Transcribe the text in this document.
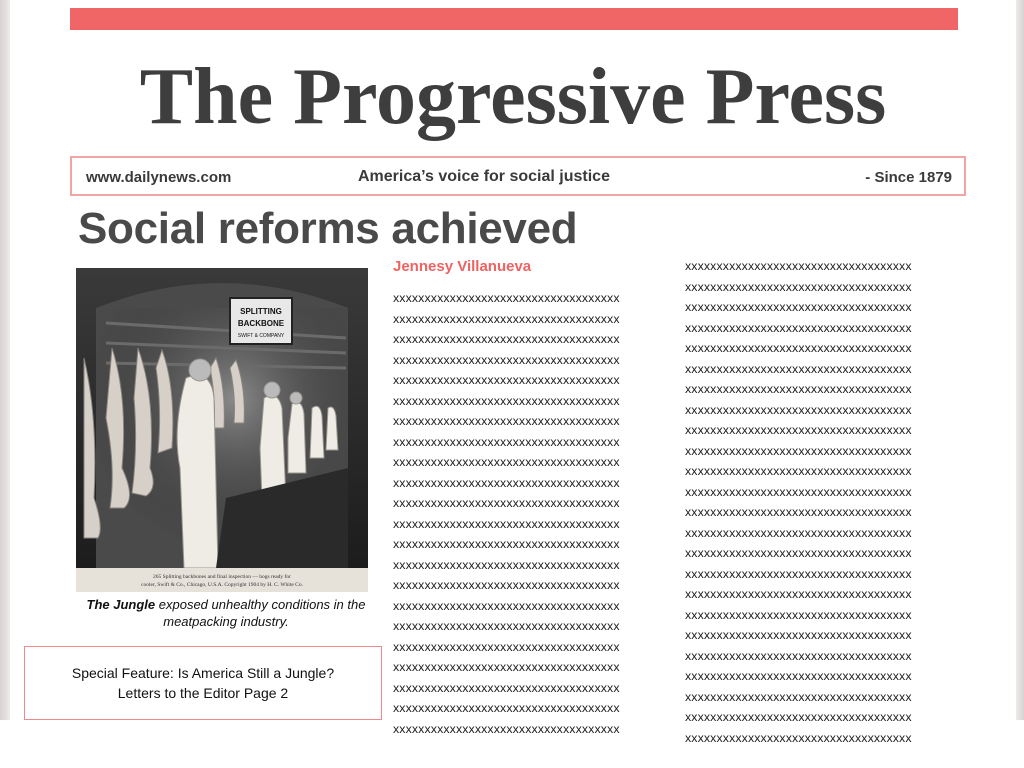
The Progressive Press
www.dailynews.com	America’s voice for social justice	- Since 1879
Social reforms achieved
SPLITTING
BACKBONE
SWIFT & COMPANY
265 Splitting backbones and final inspection — hogs ready for
cooler, Swift & Co., Chicago, U.S.A. Copyright 1904 by H. C. White Co.
The Jungle exposed unhealthy conditions in the meatpacking industry.
Special Feature: Is America Still a Jungle?
Letters to the Editor Page 2
Jennesy Villanueva
xxxxxxxxxxxxxxxxxxxxxxxxxxxxxxxxxxxx
xxxxxxxxxxxxxxxxxxxxxxxxxxxxxxxxxxxx
xxxxxxxxxxxxxxxxxxxxxxxxxxxxxxxxxxxx
xxxxxxxxxxxxxxxxxxxxxxxxxxxxxxxxxxxx
xxxxxxxxxxxxxxxxxxxxxxxxxxxxxxxxxxxx
xxxxxxxxxxxxxxxxxxxxxxxxxxxxxxxxxxxx
xxxxxxxxxxxxxxxxxxxxxxxxxxxxxxxxxxxx
xxxxxxxxxxxxxxxxxxxxxxxxxxxxxxxxxxxx
xxxxxxxxxxxxxxxxxxxxxxxxxxxxxxxxxxxx
xxxxxxxxxxxxxxxxxxxxxxxxxxxxxxxxxxxx
xxxxxxxxxxxxxxxxxxxxxxxxxxxxxxxxxxxx
xxxxxxxxxxxxxxxxxxxxxxxxxxxxxxxxxxxx
xxxxxxxxxxxxxxxxxxxxxxxxxxxxxxxxxxxx
xxxxxxxxxxxxxxxxxxxxxxxxxxxxxxxxxxxx
xxxxxxxxxxxxxxxxxxxxxxxxxxxxxxxxxxxx
xxxxxxxxxxxxxxxxxxxxxxxxxxxxxxxxxxxx
xxxxxxxxxxxxxxxxxxxxxxxxxxxxxxxxxxxx
xxxxxxxxxxxxxxxxxxxxxxxxxxxxxxxxxxxx
xxxxxxxxxxxxxxxxxxxxxxxxxxxxxxxxxxxx
xxxxxxxxxxxxxxxxxxxxxxxxxxxxxxxxxxxx
xxxxxxxxxxxxxxxxxxxxxxxxxxxxxxxxxxxx
xxxxxxxxxxxxxxxxxxxxxxxxxxxxxxxxxxxx
xxxxxxxxxxxxxxxxxxxxxxxxxxxxxxxxxxxx
xxxxxxxxxxxxxxxxxxxxxxxxxxxxxxxxxxxx
xxxxxxxxxxxxxxxxxxxxxxxxxxxxxxxxxxxx
xxxxxxxxxxxxxxxxxxxxxxxxxxxxxxxxxxxx
xxxxxxxxxxxxxxxxxxxxxxxxxxxxxxxxxxxx
xxxxxxxxxxxxxxxxxxxxxxxxxxxxxxxxxxxx
xxxxxxxxxxxxxxxxxxxxxxxxxxxxxxxxxxxx
xxxxxxxxxxxxxxxxxxxxxxxxxxxxxxxxxxxx
xxxxxxxxxxxxxxxxxxxxxxxxxxxxxxxxxxxx
xxxxxxxxxxxxxxxxxxxxxxxxxxxxxxxxxxxx
xxxxxxxxxxxxxxxxxxxxxxxxxxxxxxxxxxxx
xxxxxxxxxxxxxxxxxxxxxxxxxxxxxxxxxxxx
xxxxxxxxxxxxxxxxxxxxxxxxxxxxxxxxxxxx
xxxxxxxxxxxxxxxxxxxxxxxxxxxxxxxxxxxx
xxxxxxxxxxxxxxxxxxxxxxxxxxxxxxxxxxxx
xxxxxxxxxxxxxxxxxxxxxxxxxxxxxxxxxxxx
xxxxxxxxxxxxxxxxxxxxxxxxxxxxxxxxxxxx
xxxxxxxxxxxxxxxxxxxxxxxxxxxxxxxxxxxx
xxxxxxxxxxxxxxxxxxxxxxxxxxxxxxxxxxxx
xxxxxxxxxxxxxxxxxxxxxxxxxxxxxxxxxxxx
xxxxxxxxxxxxxxxxxxxxxxxxxxxxxxxxxxxx
xxxxxxxxxxxxxxxxxxxxxxxxxxxxxxxxxxxx
xxxxxxxxxxxxxxxxxxxxxxxxxxxxxxxxxxxx
xxxxxxxxxxxxxxxxxxxxxxxxxxxxxxxxxxxx
